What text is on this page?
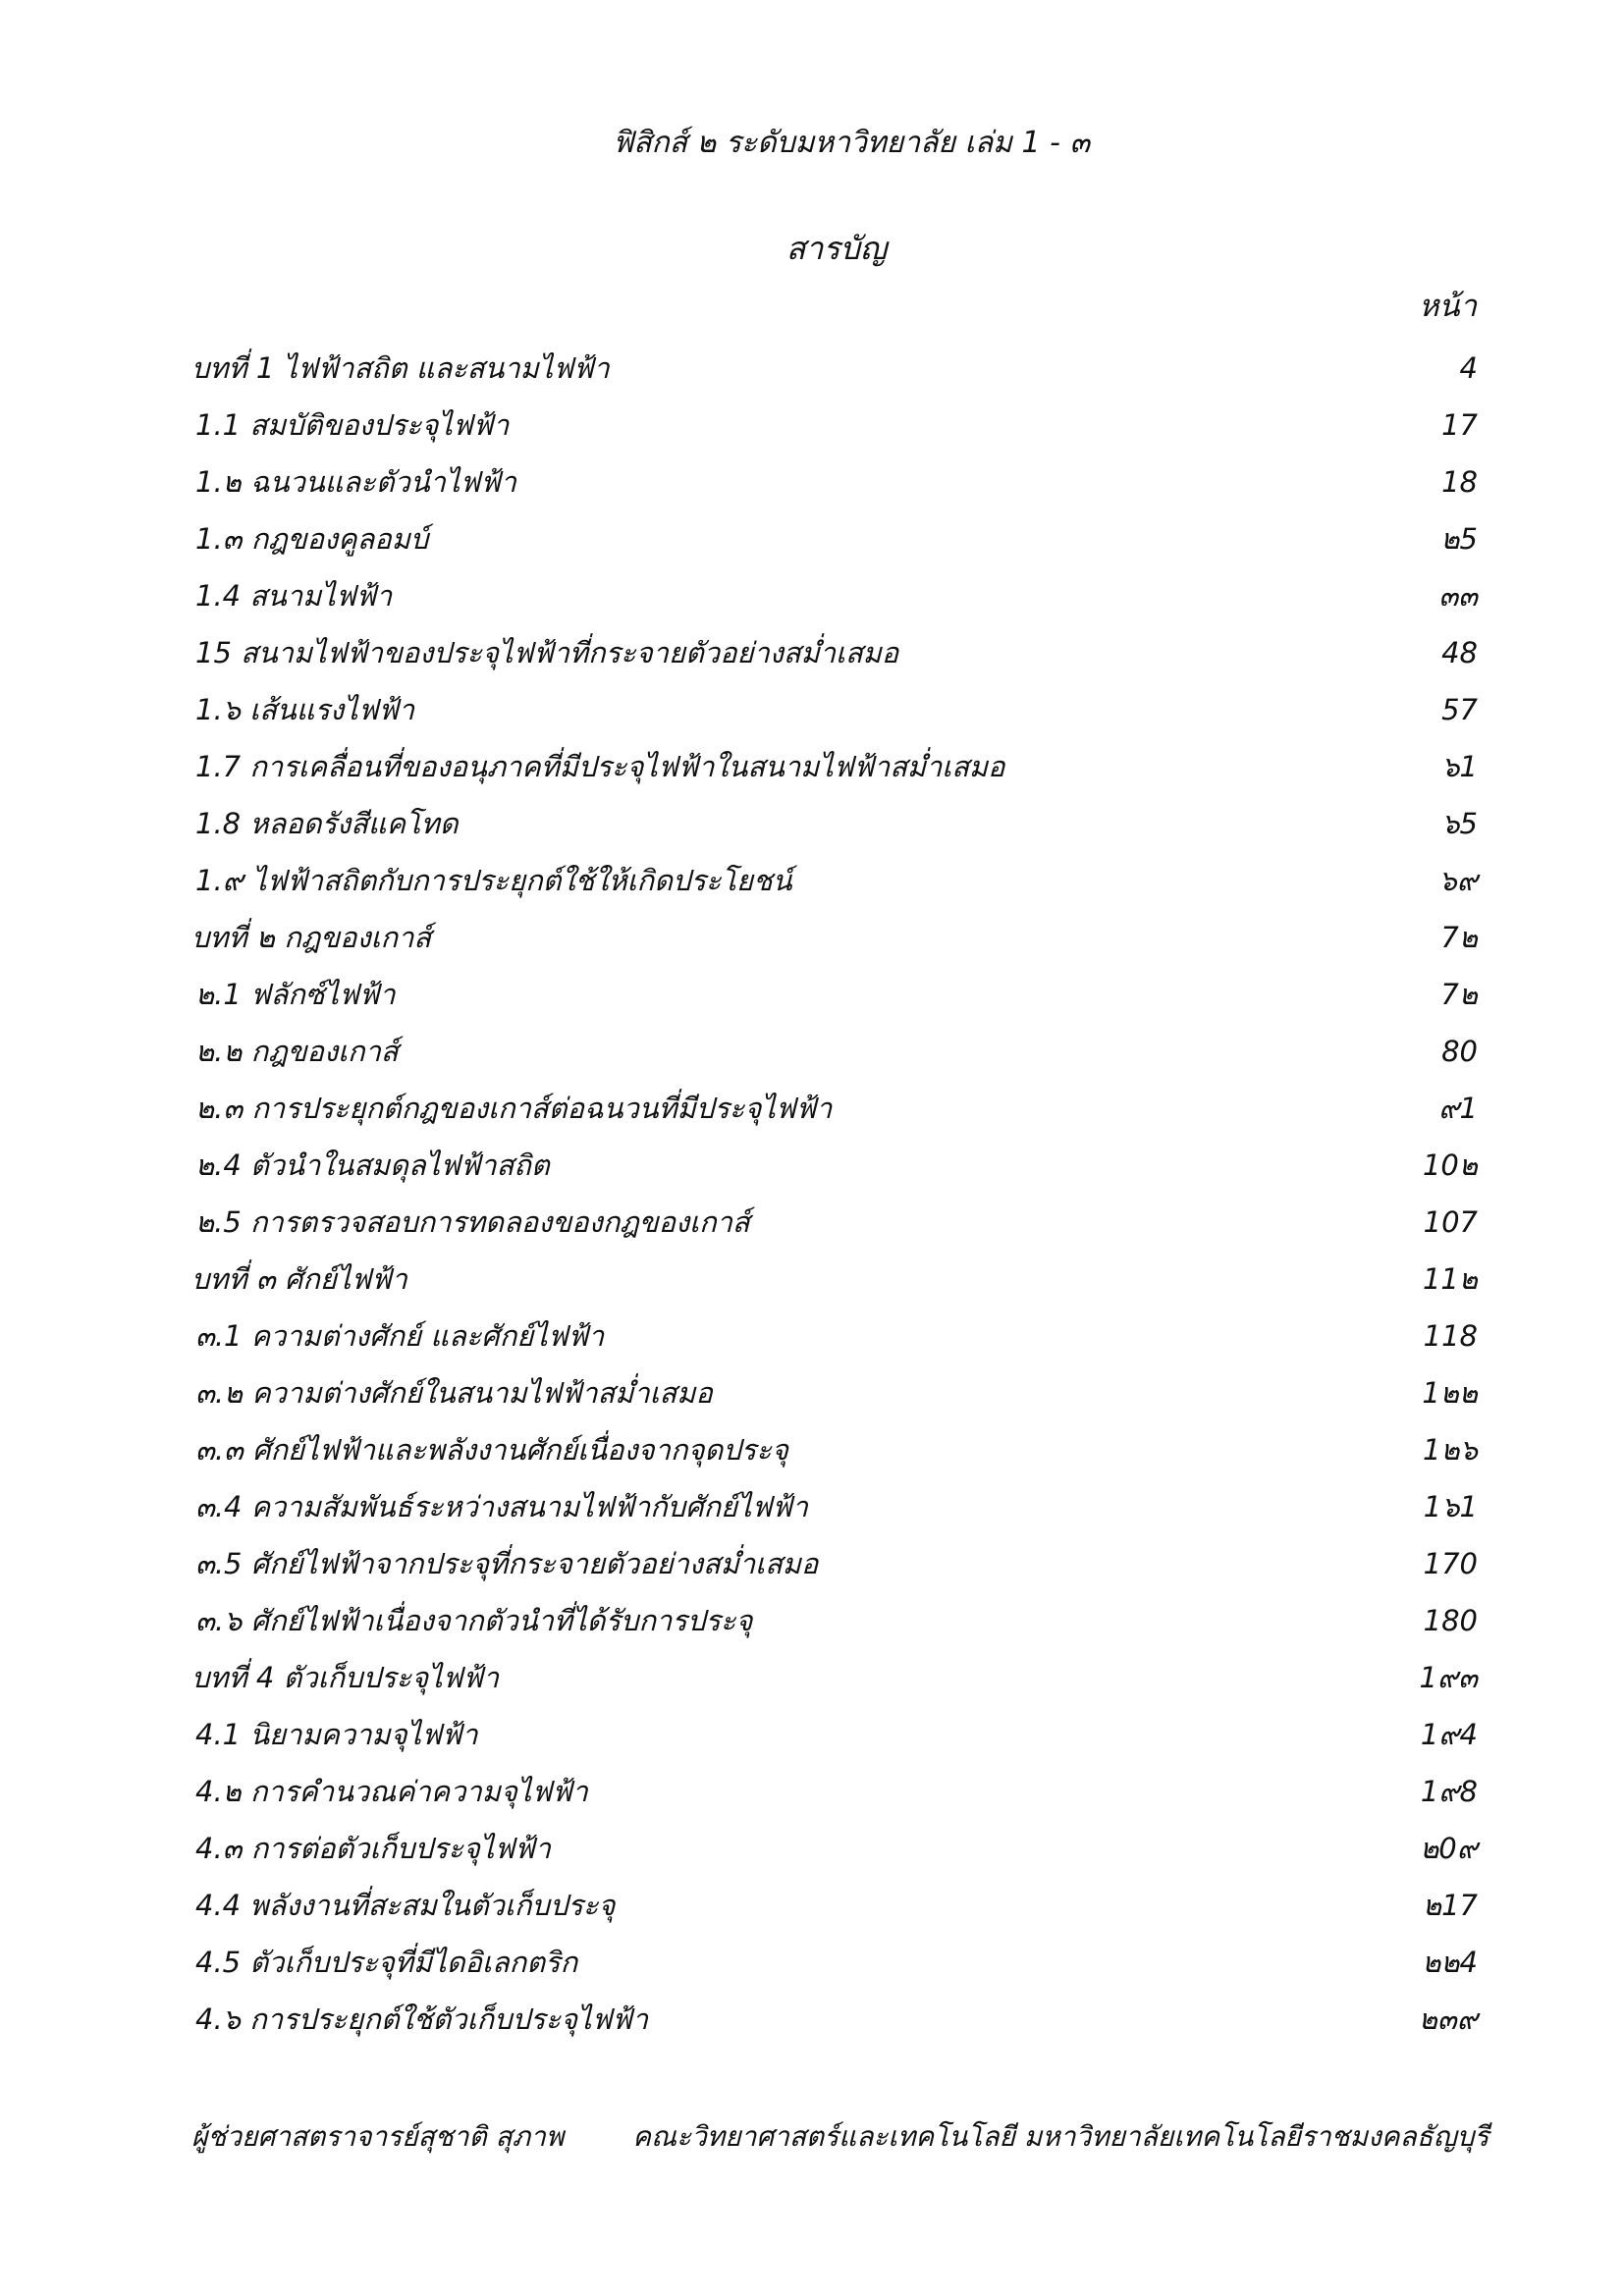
ฟิสิกส์ ๒ ระดับมหาวิทยาลัย เล่ม 1 - ๓
สารบัญ
หน้า
บทที่ 1 ไฟฟ้าสถิต และสนามไฟฟ้า	4
1.1 สมบัติของประจุไฟฟ้า	17
1.๒ ฉนวนและตัวนำไฟฟ้า	18
1.๓ กฎของคูลอมบ์	๒5
1.4 สนามไฟฟ้า	๓๓
15 สนามไฟฟ้าของประจุไฟฟ้าที่กระจายตัวอย่างสม่ำเสมอ	48
1.๖ เส้นแรงไฟฟ้า	57
1.7 การเคลื่อนที่ของอนุภาคที่มีประจุไฟฟ้าในสนามไฟฟ้าสม่ำเสมอ	๖1
1.8 หลอดรังสีแคโทด	๖5
1.๙ ไฟฟ้าสถิตกับการประยุกต์ใช้ให้เกิดประโยชน์	๖๙
บทที่ ๒ กฎของเกาส์	7๒
๒.1 ฟลักซ์ไฟฟ้า	7๒
๒.๒ กฎของเกาส์	80
๒.๓ การประยุกต์กฎของเกาส์ต่อฉนวนที่มีประจุไฟฟ้า	๙1
๒.4 ตัวนำในสมดุลไฟฟ้าสถิต	10๒
๒.5 การตรวจสอบการทดลองของกฎของเกาส์	107
บทที่ ๓ ศักย์ไฟฟ้า	11๒
๓.1 ความต่างศักย์ และศักย์ไฟฟ้า	118
๓.๒ ความต่างศักย์ในสนามไฟฟ้าสม่ำเสมอ	1๒๒
๓.๓ ศักย์ไฟฟ้าและพลังงานศักย์เนื่องจากจุดประจุ	1๒๖
๓.4 ความสัมพันธ์ระหว่างสนามไฟฟ้ากับศักย์ไฟฟ้า	1๖1
๓.5 ศักย์ไฟฟ้าจากประจุที่กระจายตัวอย่างสม่ำเสมอ	170
๓.๖ ศักย์ไฟฟ้าเนื่องจากตัวนำที่ได้รับการประจุ	180
บทที่ 4 ตัวเก็บประจุไฟฟ้า	1๙๓
4.1 นิยามความจุไฟฟ้า	1๙4
4.๒ การคำนวณค่าความจุไฟฟ้า	1๙8
4.๓ การต่อตัวเก็บประจุไฟฟ้า	๒0๙
4.4 พลังงานที่สะสมในตัวเก็บประจุ	๒17
4.5 ตัวเก็บประจุที่มีไดอิเลกตริก	๒๒4
4.๖ การประยุกต์ใช้ตัวเก็บประจุไฟฟ้า	๒๓๙
ผู้ช่วยศาสตราจารย์สุชาติ สุภาพ	คณะวิทยาศาสตร์และเทคโนโลยี มหาวิทยาลัยเทคโนโลยีราชมงคลธัญบุรี
